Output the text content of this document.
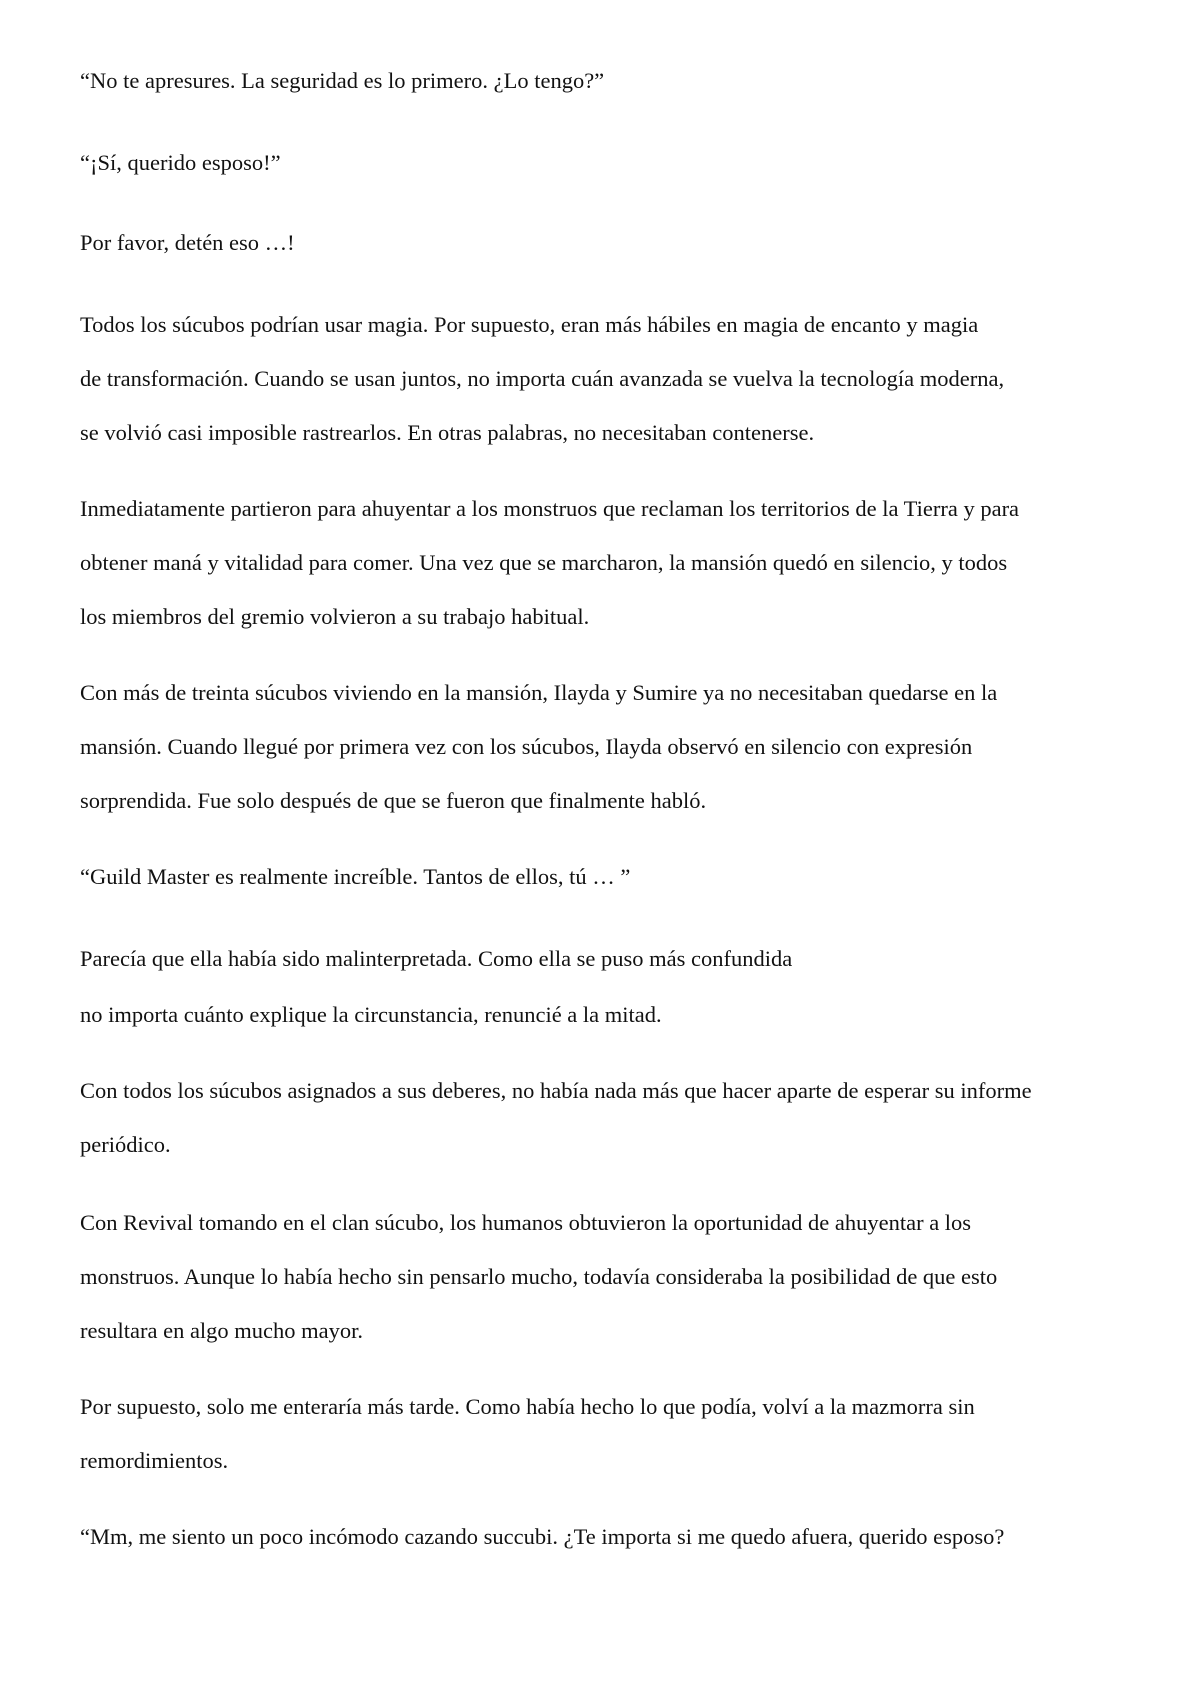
“No te apresures. La seguridad es lo primero. ¿Lo tengo?”
“¡Sí, querido esposo!”
Por favor, detén eso …!
Todos los súcubos podrían usar magia. Por supuesto, eran más hábiles en magia de encanto y magia
de transformación. Cuando se usan juntos, no importa cuán avanzada se vuelva la tecnología moderna,
se volvió casi imposible rastrearlos. En otras palabras, no necesitaban contenerse.
Inmediatamente partieron para ahuyentar a los monstruos que reclaman los territorios de la Tierra y para
obtener maná y vitalidad para comer. Una vez que se marcharon, la mansión quedó en silencio, y todos
los miembros del gremio volvieron a su trabajo habitual.
Con más de treinta súcubos viviendo en la mansión, Ilayda y Sumire ya no necesitaban quedarse en la
mansión. Cuando llegué por primera vez con los súcubos, Ilayda observó en silencio con expresión
sorprendida. Fue solo después de que se fueron que finalmente habló.
“Guild Master es realmente increíble. Tantos de ellos, tú … ”
Parecía que ella había sido malinterpretada. Como ella se puso más confundida
no importa cuánto explique la circunstancia, renuncié a la mitad.
Con todos los súcubos asignados a sus deberes, no había nada más que hacer aparte de esperar su informe
periódico.
Con Revival tomando en el clan súcubo, los humanos obtuvieron la oportunidad de ahuyentar a los
monstruos. Aunque lo había hecho sin pensarlo mucho, todavía consideraba la posibilidad de que esto
resultara en algo mucho mayor.
Por supuesto, solo me enteraría más tarde. Como había hecho lo que podía, volví a la mazmorra sin
remordimientos.
“Mm, me siento un poco incómodo cazando succubi. ¿Te importa si me quedo afuera, querido esposo?
